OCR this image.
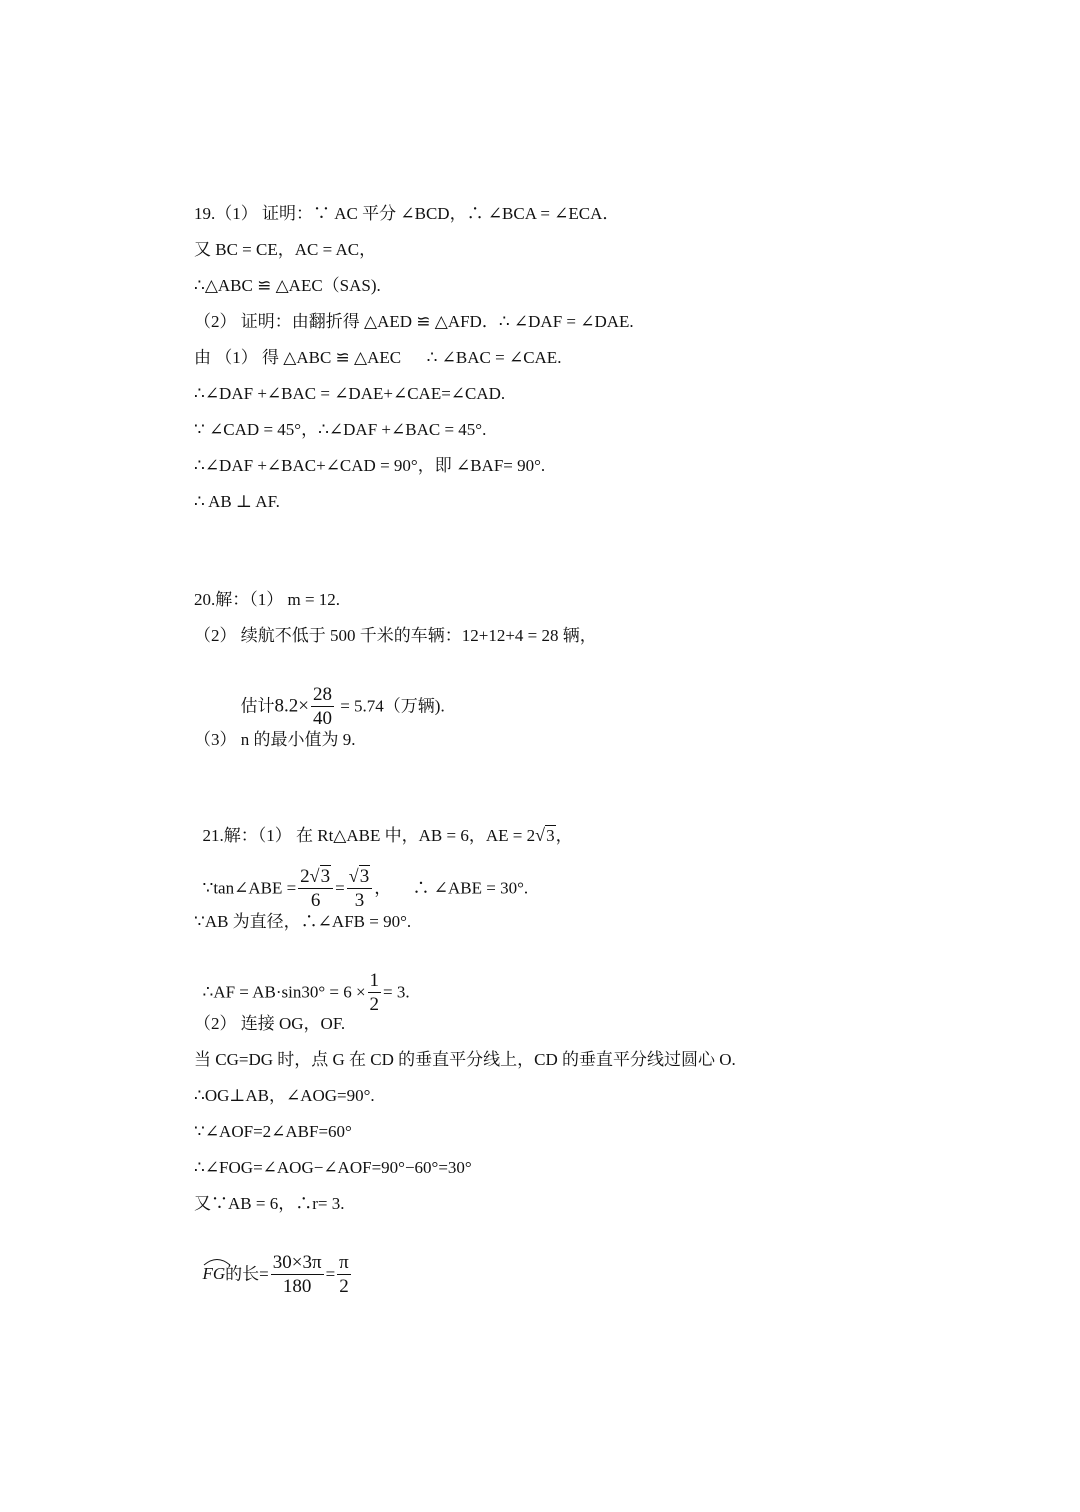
19.（1） 证明：∵ AC 平分 ∠BCD，∴ ∠BCA = ∠ECA．
又 BC = CE，AC = AC，
∴△ABC ≌ △AEC（SAS).
（2） 证明：由翻折得 △AED ≌ △AFD．∴ ∠DAF = ∠DAE.
由 （1） 得 △ABC ≌ △AEC      ∴ ∠BAC = ∠CAE.
∴∠DAF +∠BAC = ∠DAE+∠CAE=∠CAD.
∵ ∠CAD = 45°，∴∠DAF +∠BAC = 45°.
∴∠DAF +∠BAC+∠CAD = 90°，即 ∠BAF= 90°.
∴ AB ⊥ AF.
20.解：（1） m = 12.
（2） 续航不低于 500 千米的车辆：12+12+4 = 28 辆，

估计$8.2\times \frac{28}{40} = 5.74$（万辆).

（3） n 的最小值为 9.

21.解：（1） 在 Rt△ABE 中，AB = 6，AE = 2 √ 3，

∵tan∠ABE = $\frac{2 √ 3}{6} = \frac{√ 3}{3}$ ，     ∴ ∠ABE = 30°.

∵AB 为直径，∴∠AFB = 90°.

∴AF = $AB\cdot\sin 30^\circ = 6 \times \frac{1}{2} = 3$.

（2） 连接 OG，OF.
当 CG=DG 时，点 G 在 CD 的垂直平分线上，CD 的垂直平分线过圆心 O.
∴OG⊥AB，∠AOG=90°.
∵∠AOF=2∠ABF=60°
∴∠FOG=∠AOG−∠AOF=90°−60°=30°
又∵AB = 6，∴r= 3.

FG的长= $\frac{30\times 3\pi}{180} = \frac{\pi}{2}$
